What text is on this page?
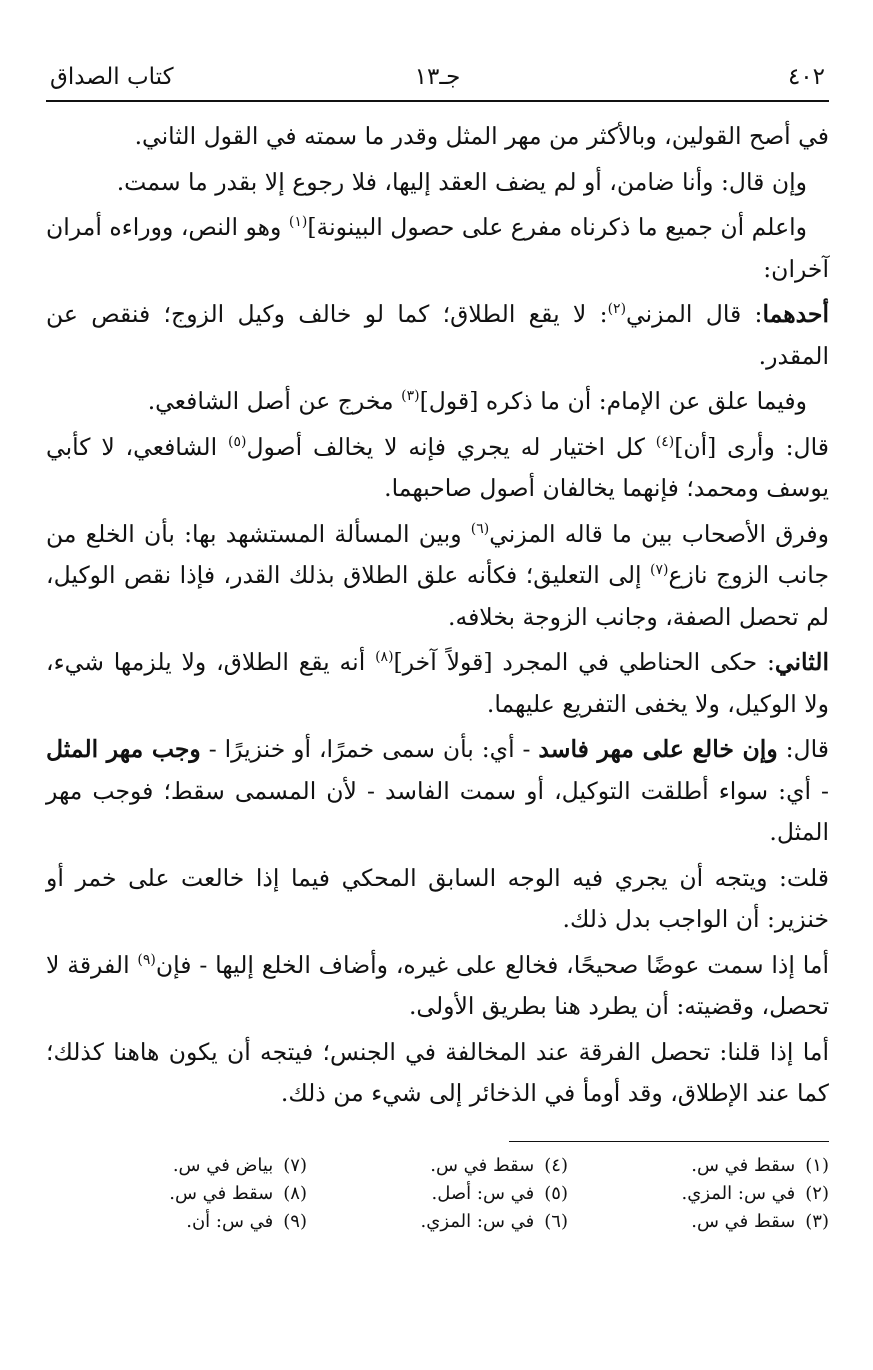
٤٠٢
جـ١٣
كتاب الصداق

في أصح القولين، وبالأكثر من مهر المثل وقدر ما سمته في القول الثاني.

وإن قال: وأنا ضامن، أو لم يضف العقد إليها، فلا رجوع إلا بقدر ما سمت.

واعلم أن جميع ما ذكرناه مفرع على حصول البينونة]$^{(١)}$ وهو النص، ووراءه أمران آخران:

أحدهما: قال المزني$^{(٢)}$: لا يقع الطلاق؛ كما لو خالف وكيل الزوج؛ فنقص عن المقدر.

وفيما علق عن الإمام: أن ما ذكره [قول]$^{(٣)}$ مخرج عن أصل الشافعي.

قال: وأرى [أن]$^{(٤)}$ كل اختيار له يجري فإنه لا يخالف أصول$^{(٥)}$ الشافعي، لا كأبي يوسف ومحمد؛ فإنهما يخالفان أصول صاحبهما.

وفرق الأصحاب بين ما قاله المزني$^{(٦)}$ وبين المسألة المستشهد بها: بأن الخلع من جانب الزوج نازع$^{(٧)}$ إلى التعليق؛ فكأنه علق الطلاق بذلك القدر، فإذا نقص الوكيل، لم تحصل الصفة، وجانب الزوجة بخلافه.

الثاني: حكى الحناطي في المجرد [قولاً آخر]$^{(٨)}$ أنه يقع الطلاق، ولا يلزمها شيء، ولا الوكيل، ولا يخفى التفريع عليهما.

قال: وإن خالع على مهر فاسد - أي: بأن سمى خمرًا، أو خنزيرًا - وجب مهر المثل - أي: سواء أطلقت التوكيل، أو سمت الفاسد - لأن المسمى سقط؛ فوجب مهر المثل.

قلت: ويتجه أن يجري فيه الوجه السابق المحكي فيما إذا خالعت على خمر أو خنزير: أن الواجب بدل ذلك.

أما إذا سمت عوضًا صحيحًا، فخالع على غيره، وأضاف الخلع إليها - فإن$^{(٩)}$ الفرقة لا تحصل، وقضيته: أن يطرد هنا بطريق الأولى.

أما إذا قلنا: تحصل الفرقة عند المخالفة في الجنس؛ فيتجه أن يكون هاهنا كذلك؛ كما عند الإطلاق، وقد أومأ في الذخائر إلى شيء من ذلك.

(١)سقط في س.
(٢)في س: المزي.
(٣)سقط في س.
(٤)سقط في س.
(٥)في س: أصل.
(٦)في س: المزي.
(٧)بياض في س.
(٨)سقط في س.
(٩)في س: أن.
